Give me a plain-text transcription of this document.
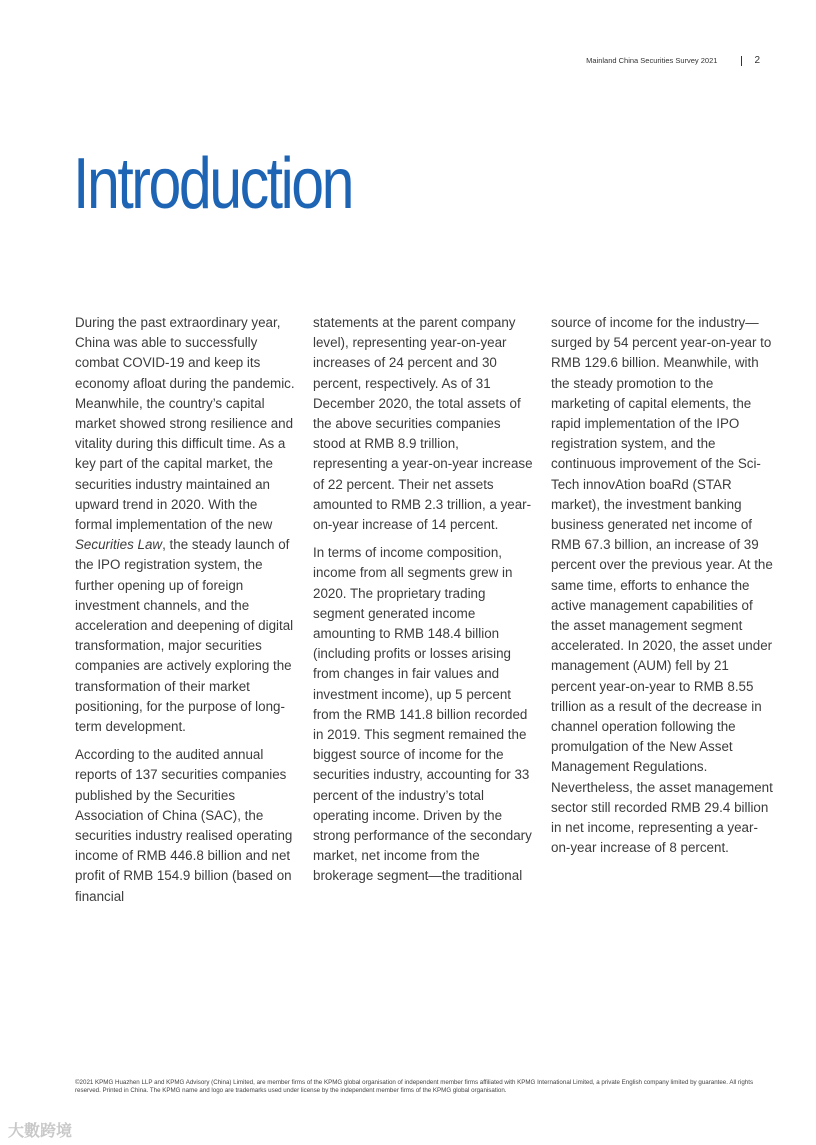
Mainland China Securities Survey 2021	2
Introduction

During the past extraordinary year, China was able to successfully combat COVID-19 and keep its economy afloat during the pandemic. Meanwhile, the country’s capital market showed strong resilience and vitality during this difficult time. As a key part of the capital market, the securities industry maintained an upward trend in 2020. With the formal implementation of the new Securities Law, the steady launch of the IPO registration system, the further opening up of foreign investment channels, and the acceleration and deepening of digital transformation, major securities companies are actively exploring the transformation of their market positioning, for the purpose of long-term development.

According to the audited annual reports of 137 securities companies published by the Securities Association of China (SAC), the securities industry realised operating income of RMB 446.8 billion and net profit of RMB 154.9 billion (based on financial

statements at the parent company level), representing year-on-year increases of 24 percent and 30 percent, respectively. As of 31 December 2020, the total assets of the above securities companies stood at RMB 8.9 trillion, representing a year-on-year increase of 22 percent. Their net assets amounted to RMB 2.3 trillion, a year-on-year increase of 14 percent.

In terms of income composition, income from all segments grew in 2020. The proprietary trading segment generated income amounting to RMB 148.4 billion (including profits or losses arising from changes in fair values and investment income), up 5 percent from the RMB 141.8 billion recorded in 2019. This segment remained the biggest source of income for the securities industry, accounting for 33 percent of the industry’s total operating income. Driven by the strong performance of the secondary market, net income from the brokerage segment—the traditional

source of income for the industry—surged by 54 percent year-on-year to RMB 129.6 billion. Meanwhile, with the steady promotion to the marketing of capital elements, the rapid implementation of the IPO registration system, and the continuous improvement of the Sci-Tech innovAtion boaRd (STAR market), the investment banking business generated net income of RMB 67.3 billion, an increase of 39 percent over the previous year. At the same time, efforts to enhance the active management capabilities of the asset management segment accelerated. In 2020, the asset under management (AUM) fell by 21 percent year-on-year to RMB 8.55 trillion as a result of the decrease in channel operation following the promulgation of the New Asset Management Regulations. Nevertheless, the asset management sector still recorded RMB 29.4 billion in net income, representing a year-on-year increase of 8 percent.

©2021 KPMG Huazhen LLP and KPMG Advisory (China) Limited, are member firms of the KPMG global organisation of independent member firms affiliated with KPMG International Limited, a private English company limited by guarantee. All rights reserved. Printed in China. The KPMG name and logo are trademarks used under license by the independent member firms of the KPMG global organisation.
大數跨境
